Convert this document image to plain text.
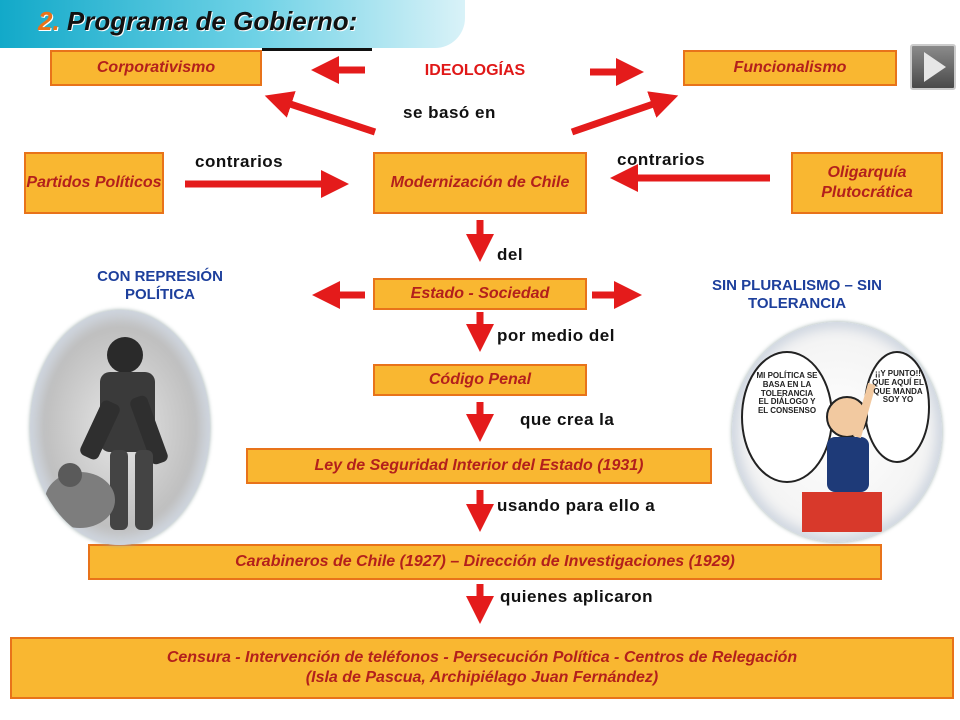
2. Programa de Gobierno:
Corporativismo	IDEOLOGÍAS	Funcionalismo
se basó en
Partidos Políticos
contrarios
Modernización de Chile
contrarios
Oligarquía Plutocrática
del
CON REPRESIÓN POLÍTICA	Estado - Sociedad	SIN PLURALISMO – SIN TOLERANCIA
por medio del
Código Penal
que crea la
Ley de Seguridad Interior del Estado (1931)
usando para ello a
Carabineros de Chile (1927) – Dirección de Investigaciones (1929)
quienes aplicaron
Censura - Intervención de teléfonos - Persecución Política - Centros de Relegación
(Isla de Pascua, Archipiélago Juan Fernández)
MI POLÍTICA SE BASA EN LA TOLERANCIA EL DIÁLOGO Y EL CONSENSO
¡¡Y PUNTO!! QUE AQUÍ EL QUE MANDA SOY YO
